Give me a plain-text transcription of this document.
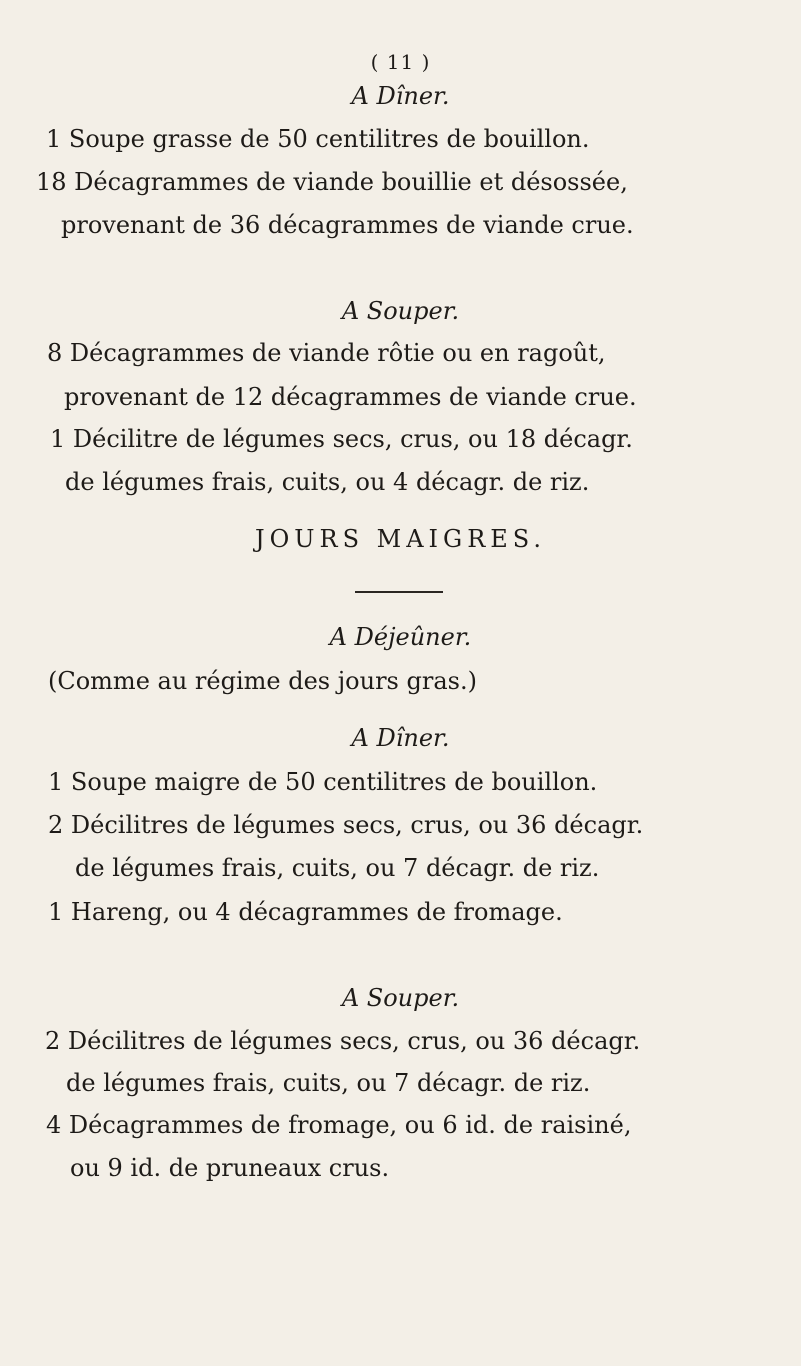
( 11 )
A Dîner.
1 Soupe grasse de 50 centilitres de bouillon.
18 Décagrammes de viande bouillie et désossée,
provenant de 36 décagrammes de viande crue.
A Souper.
8 Décagrammes de viande rôtie ou en ragoût,
provenant de 12 décagrammes de viande crue.
1 Décilitre de légumes secs, crus, ou 18 décagr.
de légumes frais, cuits, ou 4 décagr. de riz.
JOURS MAIGRES.
A Déjeûner.
(Comme au régime des jours gras.)
A Dîner.
1 Soupe maigre de 50 centilitres de bouillon.
2 Décilitres de légumes secs, crus, ou 36 décagr.
de légumes frais, cuits, ou 7 décagr. de riz.
1 Hareng, ou 4 décagrammes de fromage.
A Souper.
2 Décilitres de légumes secs, crus, ou 36 décagr.
de légumes frais, cuits, ou 7 décagr. de riz.
4 Décagrammes de fromage, ou 6 id. de raisiné,
ou 9 id. de pruneaux crus.
